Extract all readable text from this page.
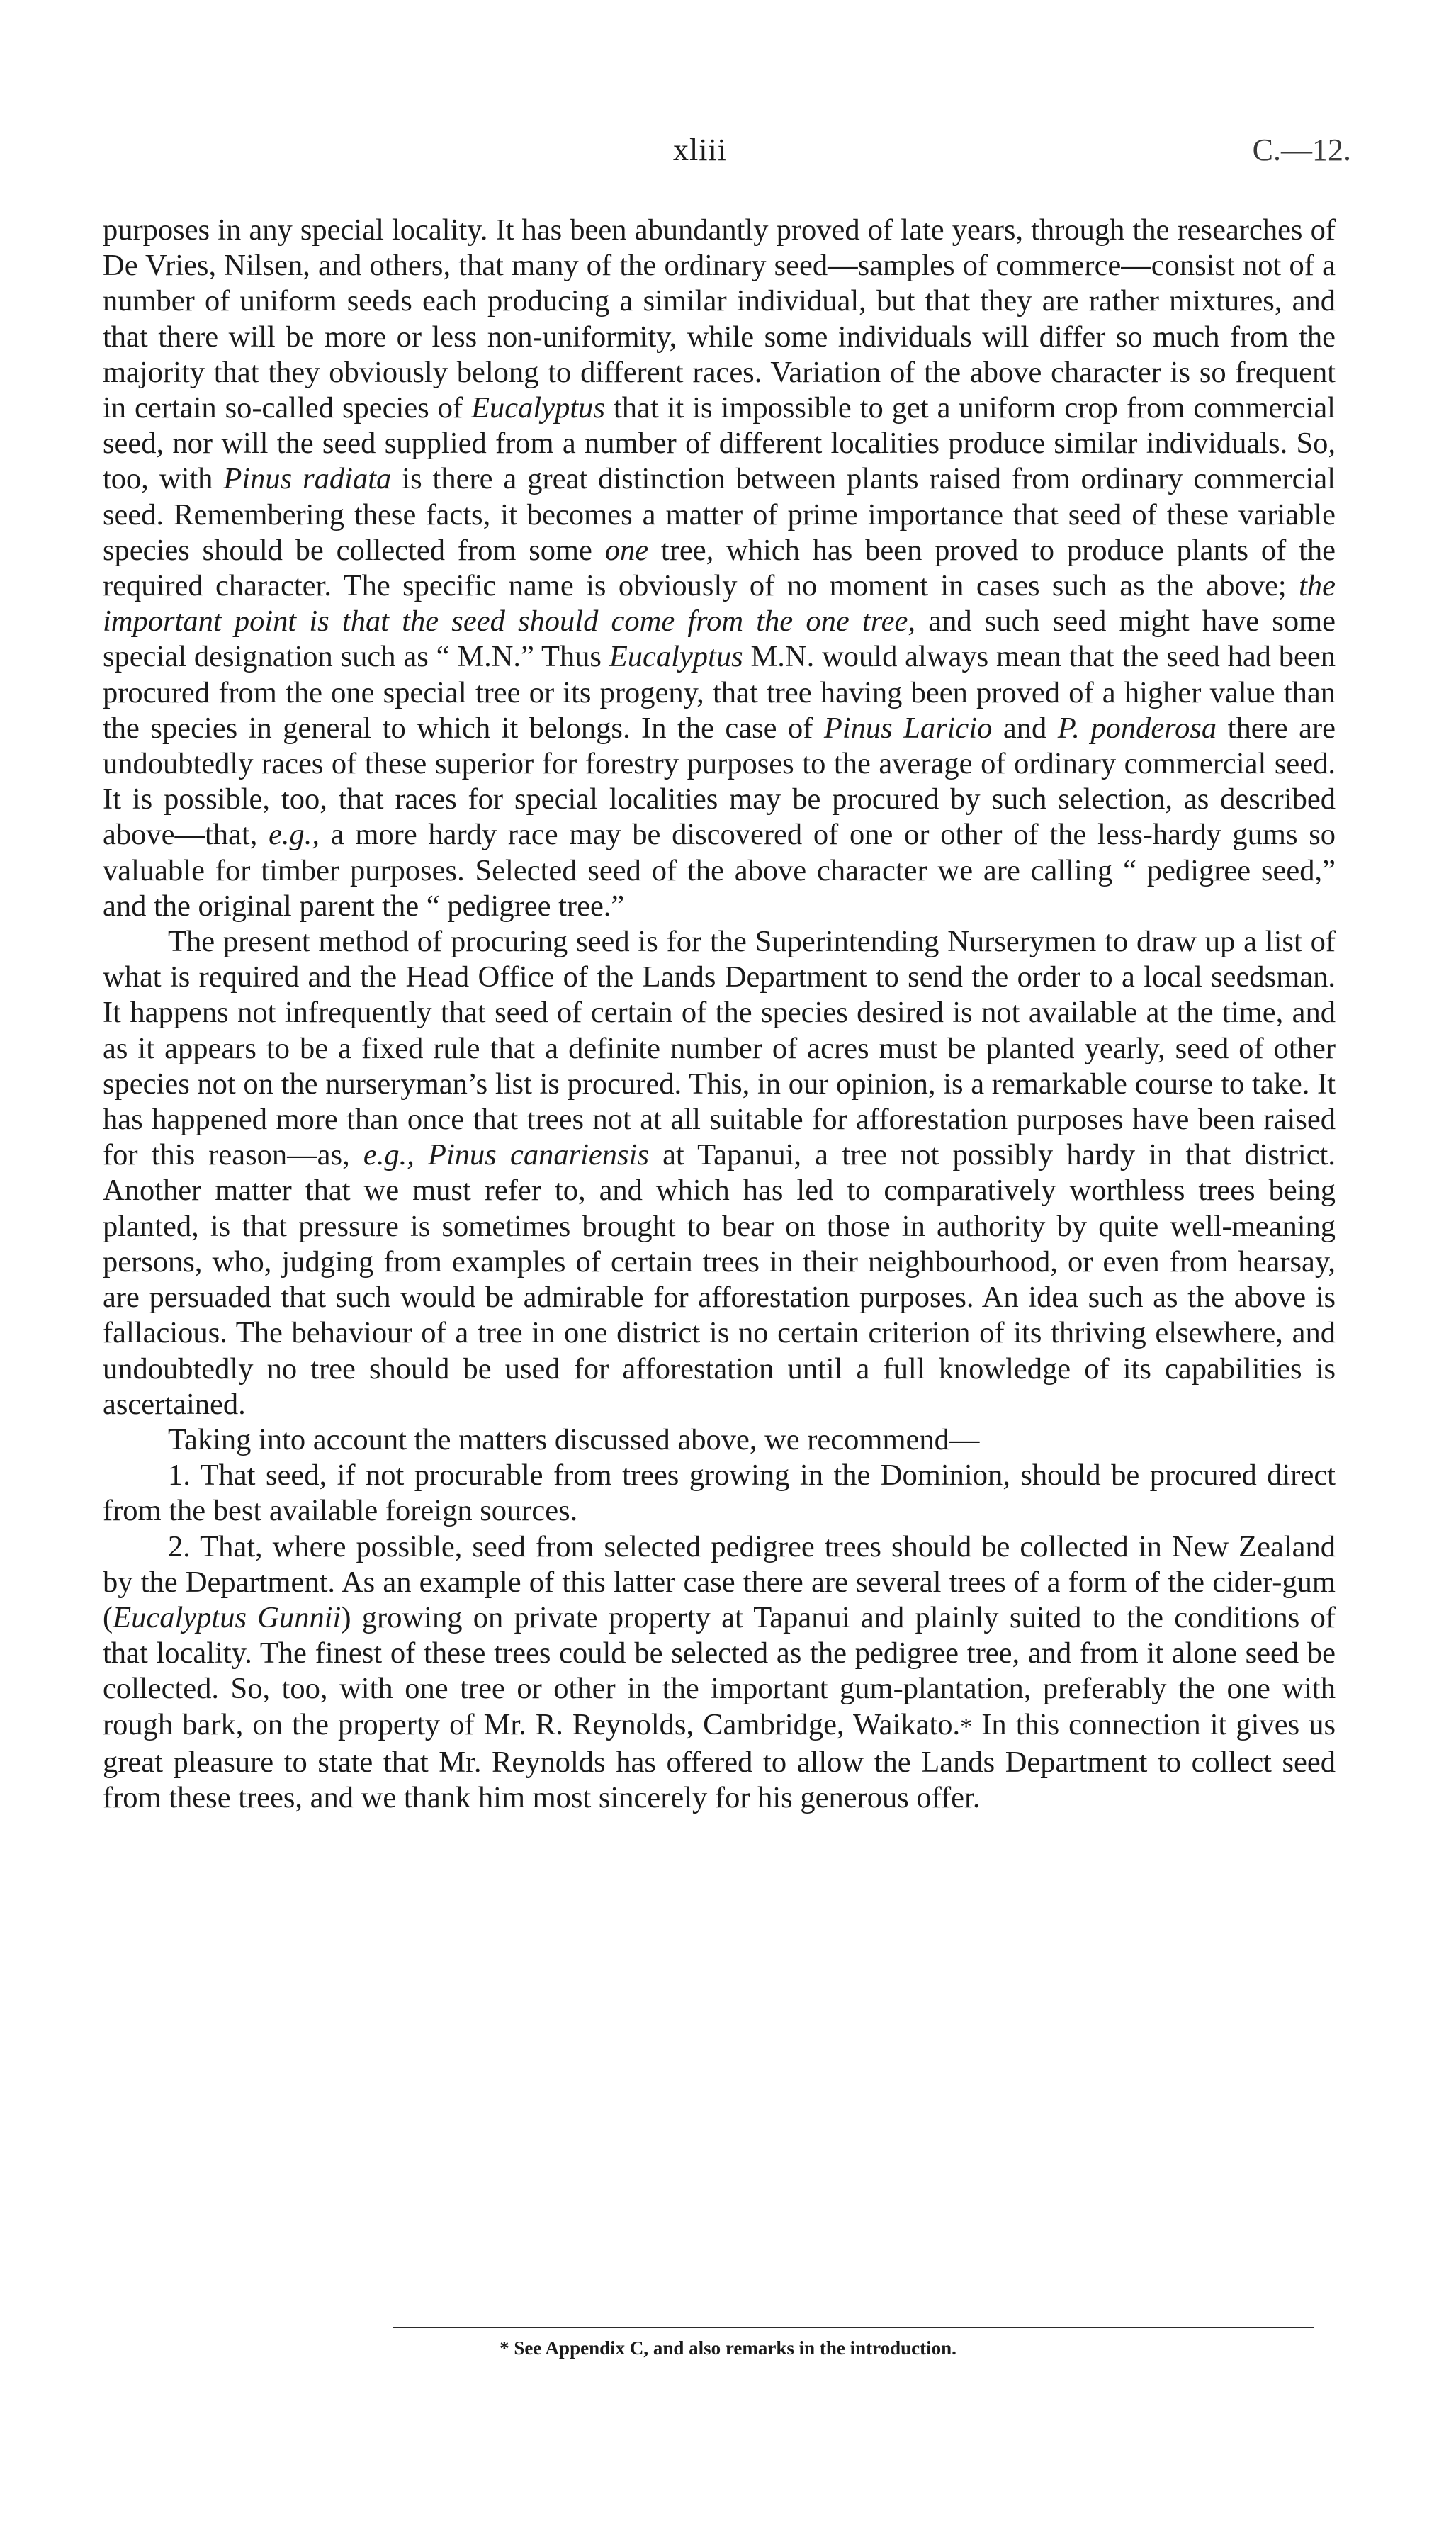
xliii	C.—12.

purposes in any special locality. It has been abundantly proved of late years, through the researches of De Vries, Nilsen, and others, that many of the ordinary seed—samples of commerce—consist not of a number of uniform seeds each producing a similar individual, but that they are rather mixtures, and that there will be more or less non-uniformity, while some individuals will differ so much from the majority that they obviously belong to different races. Variation of the above character is so frequent in certain so-called species of Eucalyptus that it is impossible to get a uniform crop from commercial seed, nor will the seed supplied from a number of different localities produce similar individuals. So, too, with Pinus radiata is there a great distinction between plants raised from ordinary commercial seed. Remembering these facts, it becomes a matter of prime importance that seed of these variable species should be collected from some one tree, which has been proved to produce plants of the required character. The specific name is obviously of no moment in cases such as the above; the important point is that the seed should come from the one tree, and such seed might have some special designation such as “ M.N.” Thus Eucalyptus M.N. would always mean that the seed had been procured from the one special tree or its progeny, that tree having been proved of a higher value than the species in general to which it belongs. In the case of Pinus Laricio and P. ponderosa there are undoubtedly races of these superior for forestry purposes to the average of ordinary commercial seed. It is possible, too, that races for special localities may be procured by such selection, as described above—that, e.g., a more hardy race may be discovered of one or other of the less-hardy gums so valuable for timber purposes. Selected seed of the above character we are calling “ pedigree seed,” and the original parent the “ pedigree tree.”

The present method of procuring seed is for the Superintending Nurserymen to draw up a list of what is required and the Head Office of the Lands Department to send the order to a local seedsman. It happens not infrequently that seed of certain of the species desired is not available at the time, and as it appears to be a fixed rule that a definite number of acres must be planted yearly, seed of other species not on the nurseryman’s list is procured. This, in our opinion, is a remarkable course to take. It has happened more than once that trees not at all suitable for afforestation purposes have been raised for this reason—as, e.g., Pinus canariensis at Tapanui, a tree not possibly hardy in that district. Another matter that we must refer to, and which has led to comparatively worthless trees being planted, is that pressure is sometimes brought to bear on those in authority by quite well-meaning persons, who, judging from examples of certain trees in their neighbourhood, or even from hearsay, are persuaded that such would be admirable for afforestation purposes. An idea such as the above is fallacious. The behaviour of a tree in one district is no certain criterion of its thriving elsewhere, and undoubtedly no tree should be used for afforestation until a full knowledge of its capabilities is ascertained.

Taking into account the matters discussed above, we recommend—

1. That seed, if not procurable from trees growing in the Dominion, should be procured direct from the best available foreign sources.

2. That, where possible, seed from selected pedigree trees should be collected in New Zealand by the Department. As an example of this latter case there are several trees of a form of the cider-gum (Eucalyptus Gunnii) growing on private property at Tapanui and plainly suited to the conditions of that locality. The finest of these trees could be selected as the pedigree tree, and from it alone seed be collected. So, too, with one tree or other in the important gum-plantation, preferably the one with rough bark, on the property of Mr. R. Reynolds, Cambridge, Waikato.* In this connection it gives us great pleasure to state that Mr. Reynolds has offered to allow the Lands Department to collect seed from these trees, and we thank him most sincerely for his generous offer.

* See Appendix C, and also remarks in the introduction.
